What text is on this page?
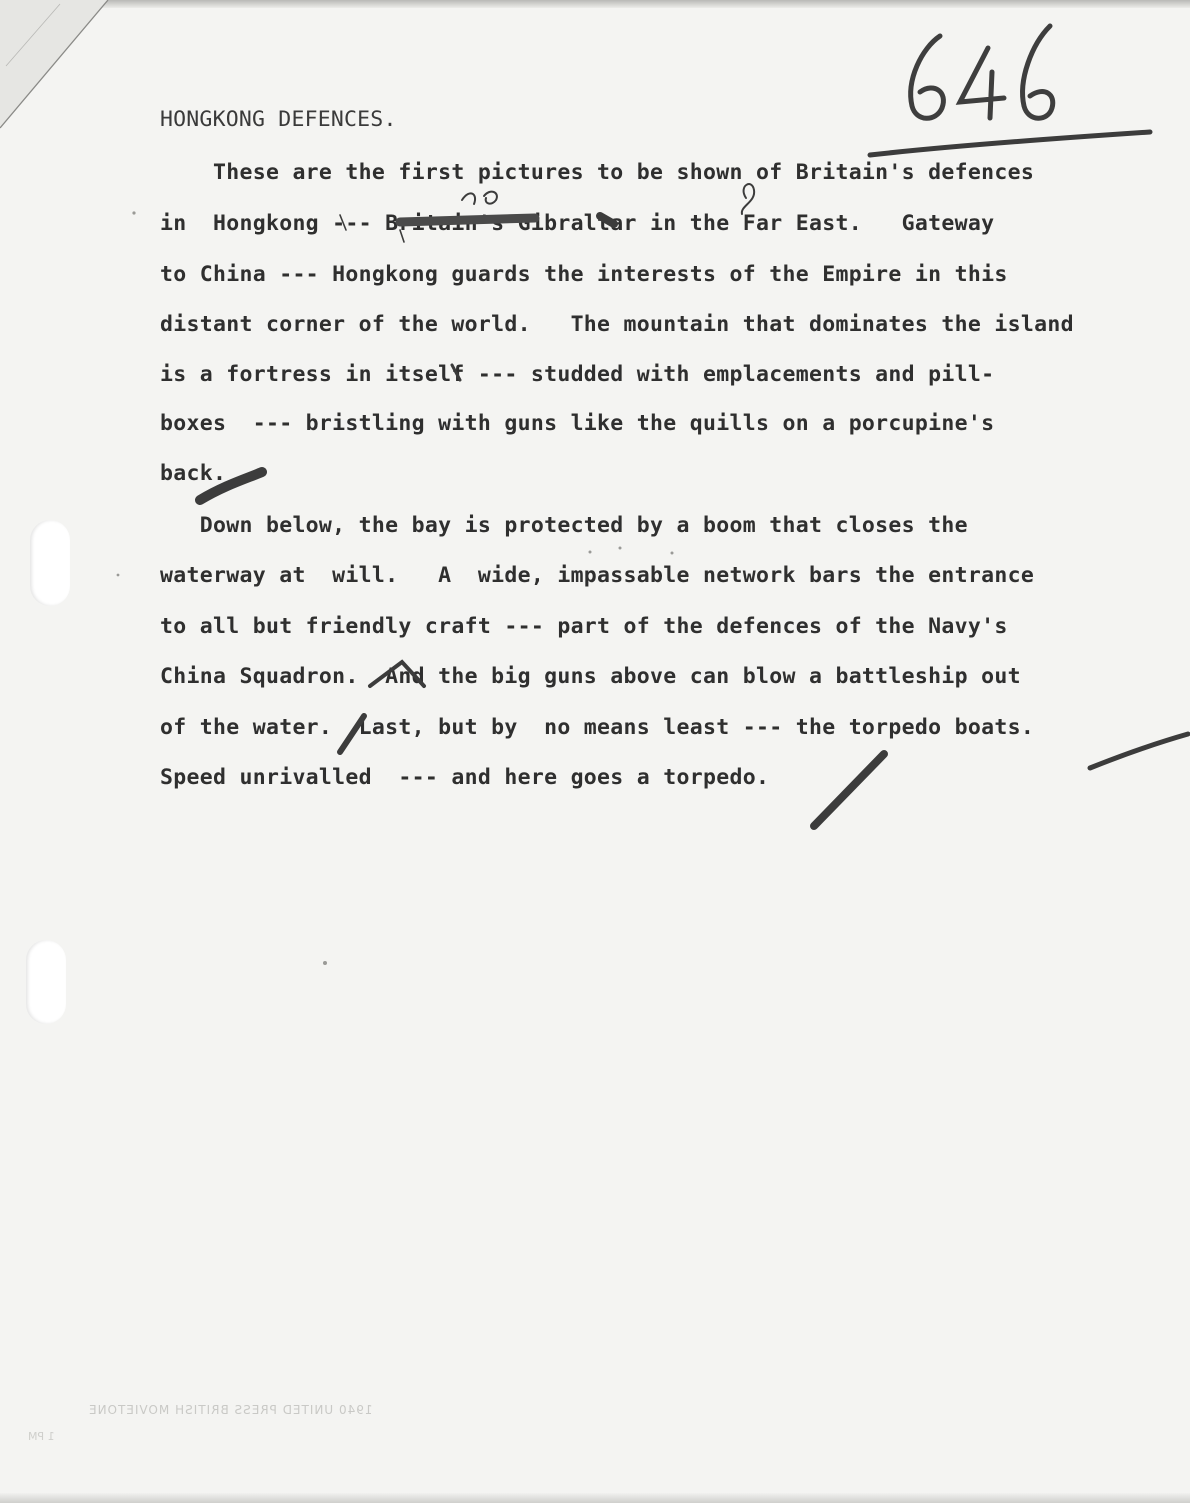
HONGKONG DEFENCES.
These are the first pictures to be shown of Britain's defences
in  Hongkong --- Britain's Gibraltar in the Far East.   Gateway
to China --- Hongkong guards the interests of the Empire in this
distant corner of the world.   The mountain that dominates the island
is a fortress in itself --- studded with emplacements and pill-
boxes  --- bristling with guns like the quills on a porcupine's
back.
Down below, the bay is protected by a boom that closes the
waterway at  will.   A  wide, impassable network bars the entrance
to all but friendly craft --- part of the defences of the Navy's
China Squadron.  And the big guns above can blow a battleship out
of the water.  Last, but by  no means least --- the torpedo boats.
Speed unrivalled  --- and here goes a torpedo.
1940 UNITED PRESS BRITISH MOVIETONE
1 PM
